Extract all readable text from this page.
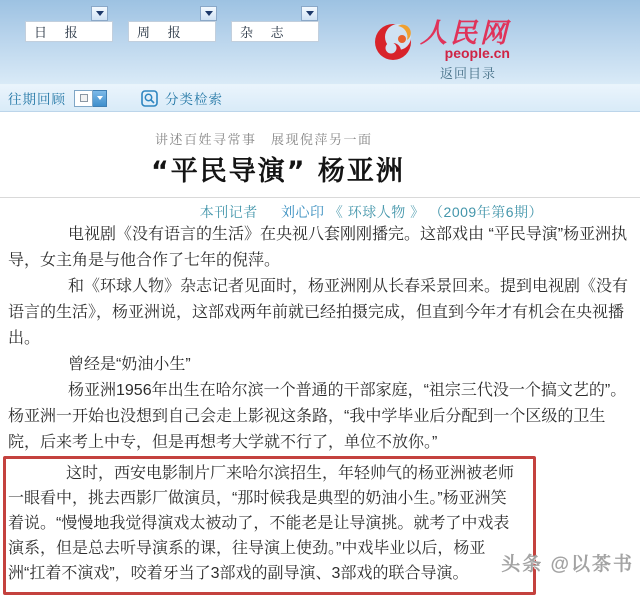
日 报	周 报	杂 志	人民网
people.cn
返回目录
往期回顾	分类检索
讲述百姓寻常事　展现倪萍另一面
“平民导演” 杨亚洲
本刊记者 　 刘心印 《 环球人物 》 （2009年第6期）

电视剧《没有语言的生活》在央视八套刚刚播完。这部戏由 “平民导演”杨亚洲执导，女主角是与他合作了七年的倪萍。

和《环球人物》杂志记者见面时，杨亚洲刚从长春采景回来。提到电视剧《没有语言的生活》，杨亚洲说，这部戏两年前就已经拍摄完成，但直到今年才有机会在央视播出。

曾经是“奶油小生”

杨亚洲1956年出生在哈尔滨一个普通的干部家庭，“祖宗三代没一个搞文艺的”。杨亚洲一开始也没想到自己会走上影视这条路，“我中学毕业后分配到一个区级的卫生院，后来考上中专，但是再想考大学就不行了，单位不放你。”

这时，西安电影制片厂来哈尔滨招生，年轻帅气的杨亚洲被老师一眼看中，挑去西影厂做演员，“那时候我是典型的奶油小生。”杨亚洲笑着说。“慢慢地我觉得演戏太被动了，不能老是让导演挑。就考了中戏表演系，但是总去听导演系的课，往导演上使劲。”中戏毕业以后，杨亚洲“扛着不演戏”，咬着牙当了3部戏的副导演、3部戏的联合导演。	头条 @以茶书
